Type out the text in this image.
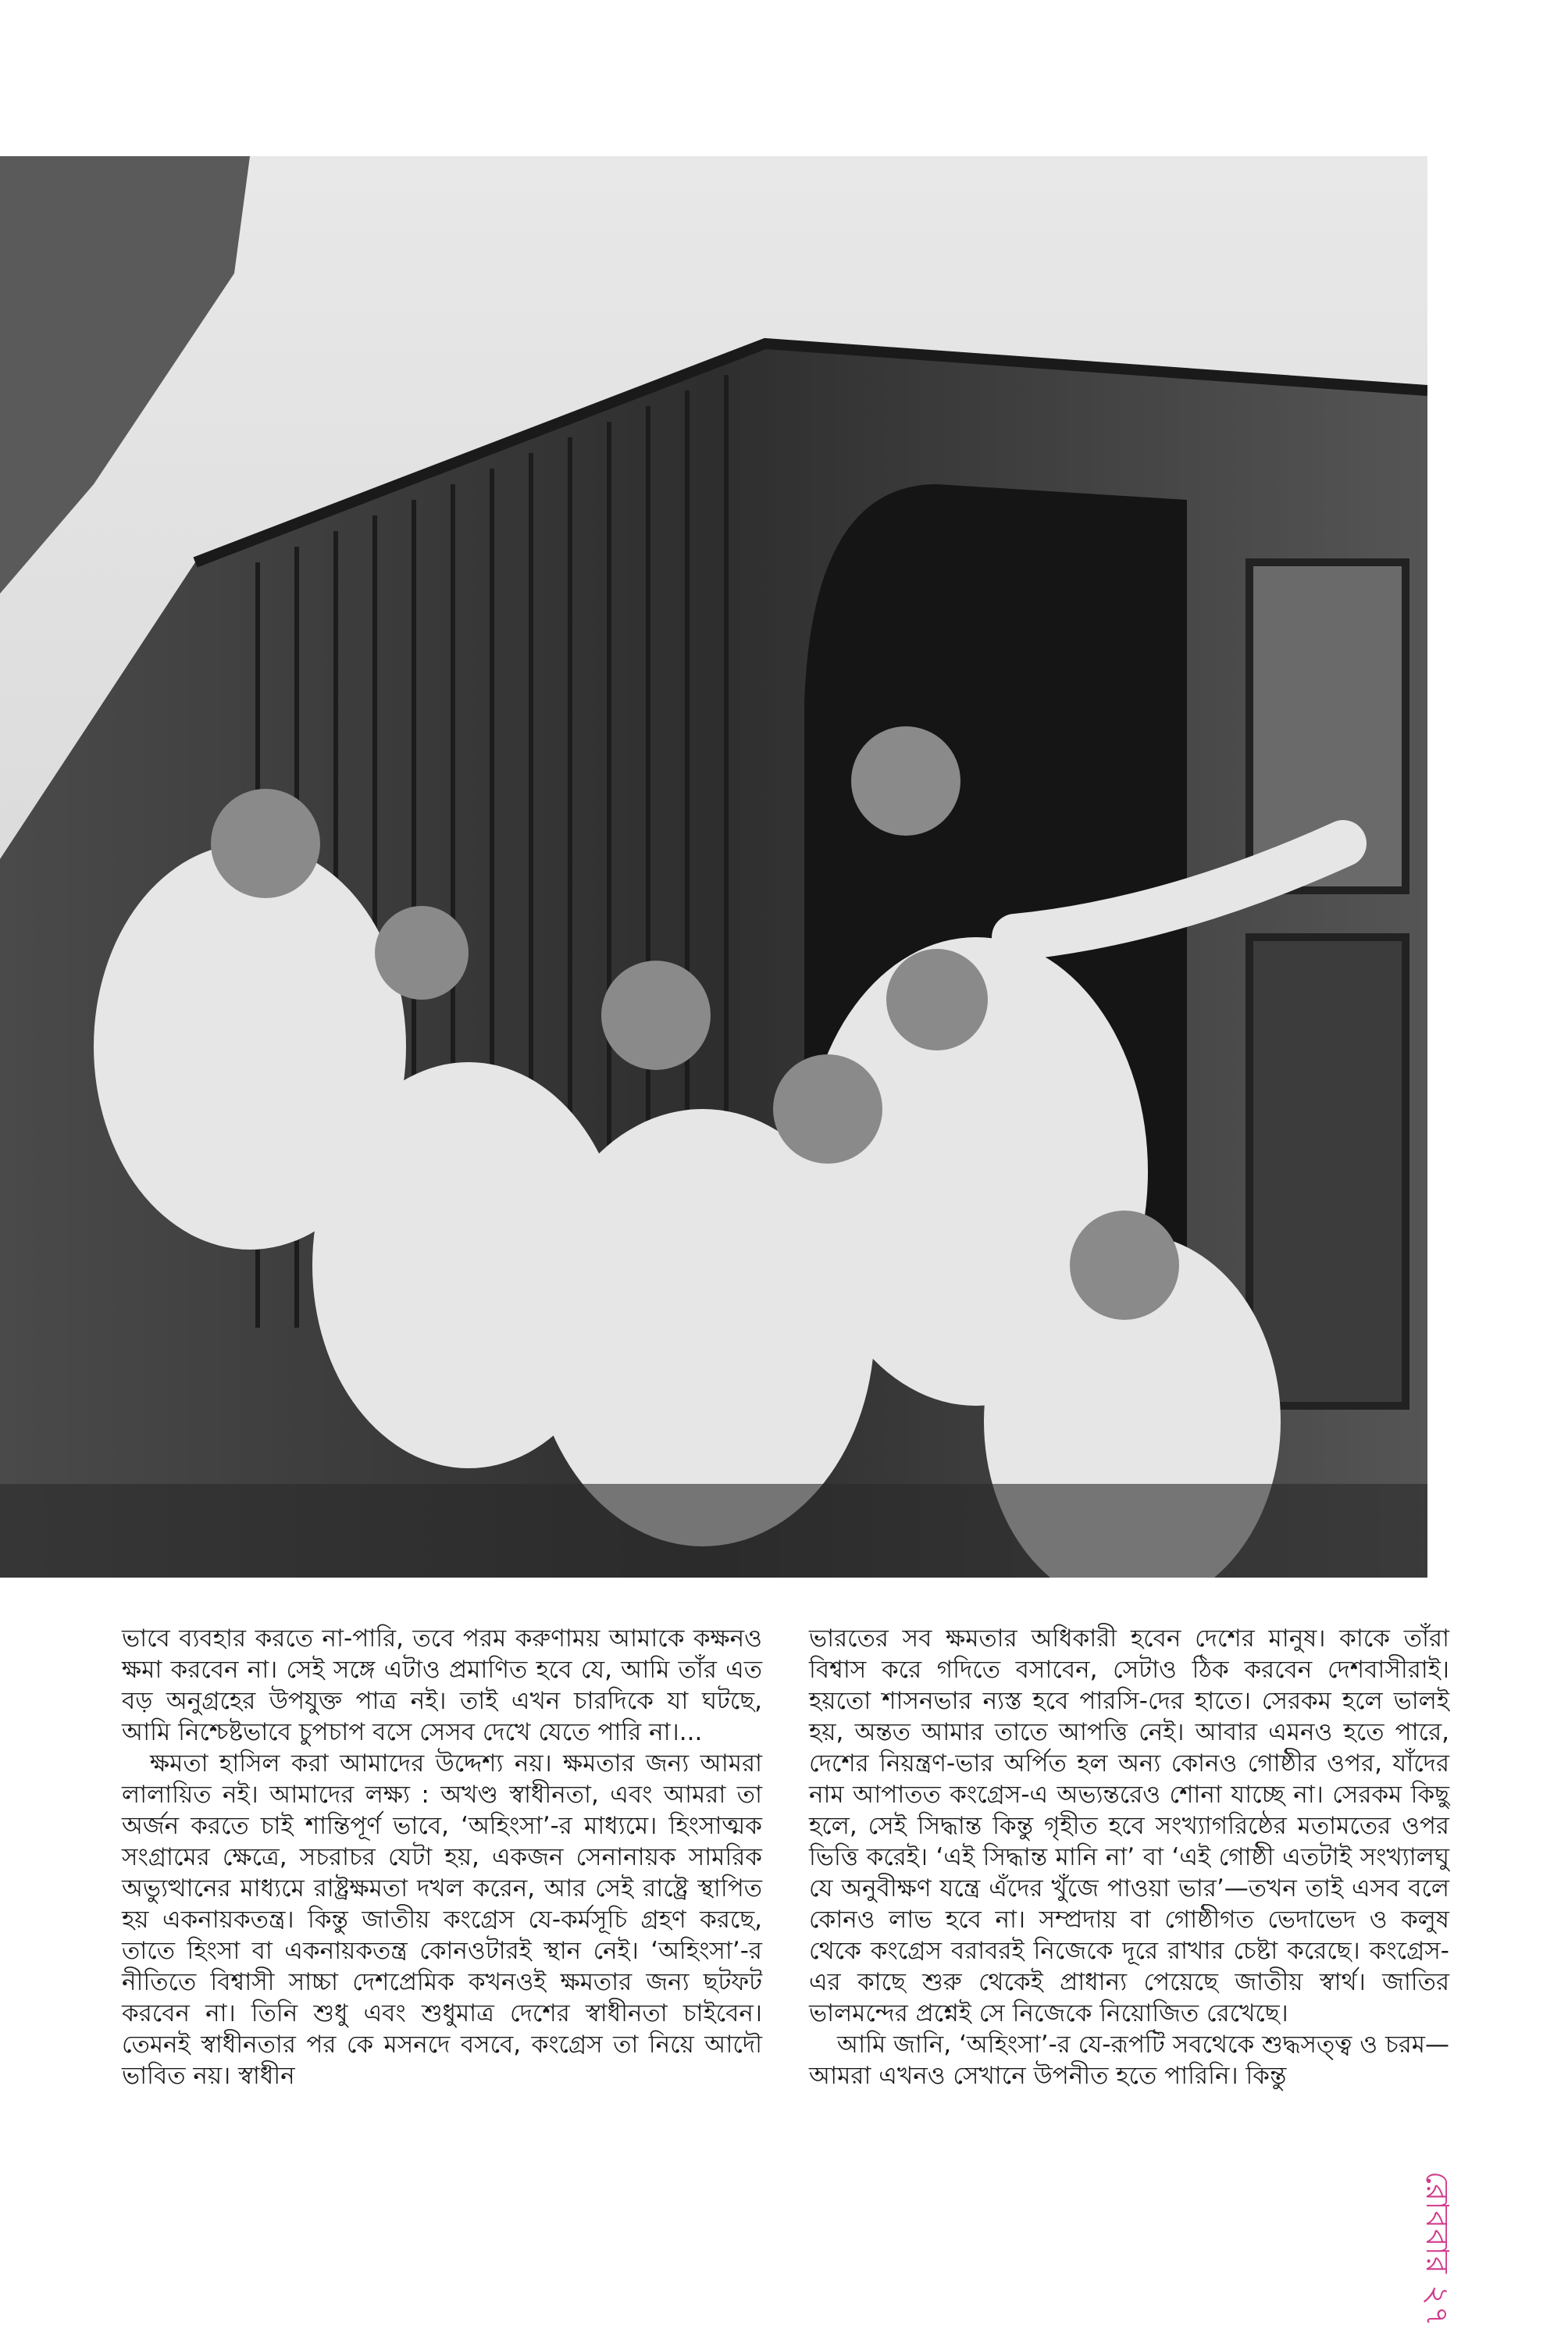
ভাবে ব্যবহার করতে না-পারি, তবে পরম করুণাময় আমাকে কক্ষনও ক্ষমা করবেন না। সেই সঙ্গে এটাও প্রমাণিত হবে যে, আমি তাঁর এত বড় অনুগ্রহের উপযুক্ত পাত্র নই। তাই এখন চারদিকে যা ঘটছে, আমি নিশ্চেষ্টভাবে চুপচাপ বসে সেসব দেখে যেতে পারি না।...

ক্ষমতা হাসিল করা আমাদের উদ্দেশ্য নয়। ক্ষমতার জন্য আমরা লালায়িত নই। আমাদের লক্ষ্য : অখণ্ড স্বাধীনতা, এবং আমরা তা অর্জন করতে চাই শান্তিপূর্ণ ভাবে, ‘অহিংসা’-র মাধ্যমে। হিংসাত্মক সংগ্রামের ক্ষেত্রে, সচরাচর যেটা হয়, একজন সেনানায়ক সামরিক অভ্যুত্থানের মাধ্যমে রাষ্ট্রক্ষমতা দখল করেন, আর সেই রাষ্ট্রে স্থাপিত হয় একনায়কতন্ত্র। কিন্তু জাতীয় কংগ্রেস যে-কর্মসূচি গ্রহণ করছে, তাতে হিংসা বা একনায়কতন্ত্র কোনওটারই স্থান নেই। ‘অহিংসা’-র নীতিতে বিশ্বাসী সাচ্চা দেশপ্রেমিক কখনওই ক্ষমতার জন্য ছটফট করবেন না। তিনি শুধু এবং শুধুমাত্র দেশের স্বাধীনতা চাইবেন। তেমনই স্বাধীনতার পর কে মসনদে বসবে, কংগ্রেস তা নিয়ে আদৌ ভাবিত নয়। স্বাধীন

ভারতের সব ক্ষমতার অধিকারী হবেন দেশের মানুষ। কাকে তাঁরা বিশ্বাস করে গদিতে বসাবেন, সেটাও ঠিক করবেন দেশবাসীরাই। হয়তো শাসনভার ন্যস্ত হবে পারসি-দের হাতে। সেরকম হলে ভালই হয়, অন্তত আমার তাতে আপত্তি নেই। আবার এমনও হতে পারে, দেশের নিয়ন্ত্রণ-ভার অর্পিত হল অন্য কোনও গোষ্ঠীর ওপর, যাঁদের নাম আপাতত কংগ্রেস-এ অভ্যন্তরেও শোনা যাচ্ছে না। সেরকম কিছু হলে, সেই সিদ্ধান্ত কিন্তু গৃহীত হবে সংখ্যাগরিষ্ঠের মতামতের ওপর ভিত্তি করেই। ‘এই সিদ্ধান্ত মানি না’ বা ‘এই গোষ্ঠী এতটাই সংখ্যালঘু যে অনুবীক্ষণ যন্ত্রে এঁদের খুঁজে পাওয়া ভার’—তখন তাই এসব বলে কোনও লাভ হবে না। সম্প্রদায় বা গোষ্ঠীগত ভেদাভেদ ও কলুষ থেকে কংগ্রেস বরাবরই নিজেকে দূরে রাখার চেষ্টা করেছে। কংগ্রেস-এর কাছে শুরু থেকেই প্রাধান্য পেয়েছে জাতীয় স্বার্থ। জাতির ভালমন্দের প্রশ্নেই সে নিজেকে নিয়োজিত রেখেছে।

আমি জানি, ‘অহিংসা’-র যে-রূপটি সবথেকে শুদ্ধসত্ত্ব ও চরম—আমরা এখনও সেখানে উপনীত হতে পারিনি। কিন্তু

রোববার ২৭
